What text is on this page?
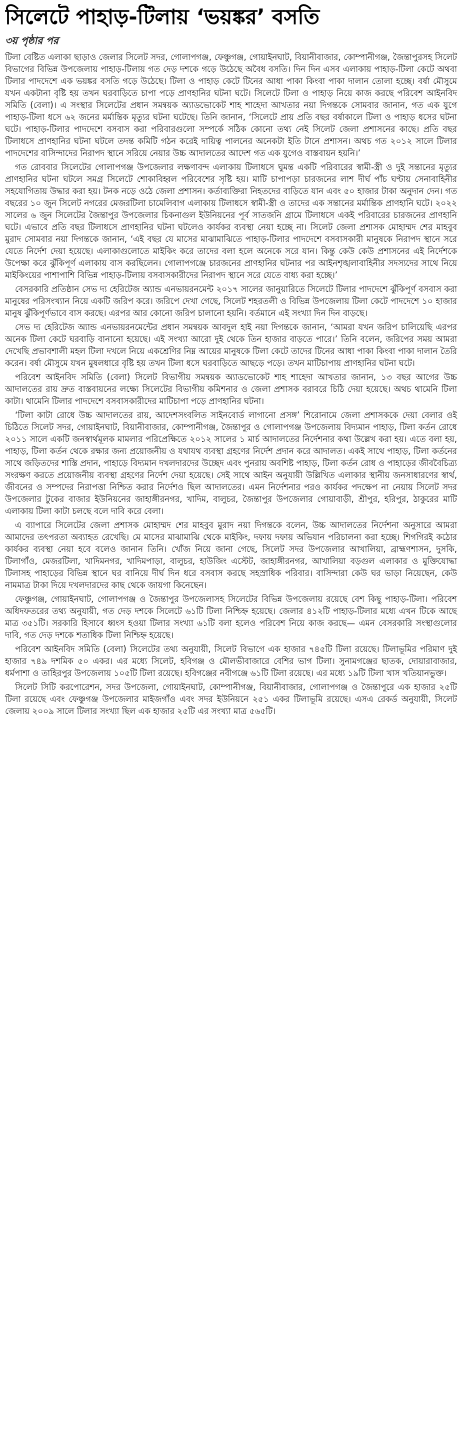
সিলেটে পাহাড়-টিলায় ‘ভয়ঙ্কর’ বসতি
৩য় পৃষ্ঠার পর

টিলা বেষ্টিত এলাকা ছাড়াও জেলার সিলেট সদর, গোলাপগঞ্জ, ফেঞ্চুগঞ্জ, গোয়াইনঘাট, বিয়ানীবাজার, কোম্পানীগঞ্জ, জৈন্তাপুরসহ সিলেট বিভাগের বিভিন্ন উপজেলায় পাহাড়-টিলায় গত দেড় দশকে গড়ে উঠেছে অবৈধ বসতি। দিন দিন এসব এলাকায় পাহাড়-টিলা কেটে অথবা টিলার পাদদেশে এক ভয়ঙ্কর বসতি গড়ে উঠেছে। টিলা ও পাহাড় কেটে টিনের আধা পাকা কিংবা পাকা দালান তোলা হচ্ছে। বর্ষা মৌসুমে যখন একটানা বৃষ্টি হয় তখন ঘরবাড়িতে চাপা পড়ে প্রাণহানির ঘটনা ঘটে। সিলেটে টিলা ও পাহাড় নিয়ে কাজ করছে পরিবেশ আইনবিদ সমিতি (বেলা)। এ সংস্থার সিলেটের প্রধান সমন্বয়ক অ্যাডভোকেট শাহ শাহেদা আখতার নয়া দিগন্তকে সোমবার জানান, গত এক যুগে পাহাড়-টিলা ধসে ৬২ জনের মর্মান্তিক মৃত্যুর ঘটনা ঘটেছে। তিনি জানান, ‘সিলেটে প্রায় প্রতি বছর বর্ষাকালে টিলা ও পাহাড় ধসের ঘটনা ঘটে। পাহাড়-টিলার পাদদেশে বসবাস করা পরিবারগুলো সম্পর্কে সঠিক কোনো তথ্য নেই সিলেট জেলা প্রশাসনের কাছে। প্রতি বছর টিলাধসে প্রাণহানির ঘটনা ঘটলে তদন্ত কমিটি গঠন করেই দায়িত্ব পালনের অনেকটা ইতি টানে প্রশাসন। অথচ গত ২০১২ সালে টিলার পাদদেশের বাসিন্দাদের নিরাপদ স্থানে সরিয়ে নেয়ার উচ্চ আদালতের আদেশ গত এক যুগেও বাস্তবায়ন হয়নি।’

গত রোববার সিলেটের গোলাপগঞ্জ উপজেলার লক্ষণাবন্দ এলাকায় টিলাধসে ঘুমন্ত একটি পরিবারের স্বামী-স্ত্রী ও দুই সন্তানের মৃত্যুর প্রাণহানির ঘটনা ঘটলে সমগ্র সিলেটে শোকাবিহ্বল পরিবেশের সৃষ্টি হয়। মাটি চাপাপড়া চারজনের লাশ দীর্ঘ পাঁচ ঘণ্টায় সেনাবাহিনীর সহযোগিতায় উদ্ধার করা হয়। টনক নড়ে ওঠে জেলা প্রশাসন। কর্তাব্যক্তিরা নিহতদের বাড়িতে যান এবং ৫০ হাজার টাকা অনুদান দেন। গত বছরের ১০ জুন সিলেট নগরের মেজরটিলা চামেলিবাগ এলাকায় টিলাধসে স্বামী-স্ত্রী ও তাদের এক সন্তানের মর্মান্তিক প্রাণহানি ঘটে। ২০২২ সালের ৬ জুন সিলেটের জৈন্তাপুর উপজেলার চিকনাগুল ইউনিয়নের পূর্ব সাতজনি গ্রামে টিলাধসে একই পরিবারের চারজনের প্রাণহানি ঘটে। এভাবে প্রতি বছর টিলাধসে প্রাণহানির ঘটনা ঘটলেও কার্যকর ব্যবস্থা নেয়া হচ্ছে না। সিলেট জেলা প্রশাসক মোহাম্মদ শের মাহবুব মুরাদ সোমবার নয়া দিগন্তকে জানান, ‘এই বছর যে মাসের মাঝামাঝিতে পাহাড়-টিলার পাদদেশে বসবাসকারী মানুষকে নিরাপদ স্থানে সরে যেতে নির্দেশ দেয়া হয়েছে। এলাকাগুলোতে মাইকিং করে তাদের বলা হলে অনেকে সরে যান। কিন্তু কেউ কেউ প্রশাসনের এই নির্দেশকে উপেক্ষা করে ঝুঁকিপূর্ণ এলাকায় বাস করছিলেন। গোলাপগঞ্জে চারজনের প্রাণহানির ঘটনার পর আইনশৃঙ্খলাবাহিনীর সদস্যদের সাথে নিয়ে মাইকিংয়ের পাশাপাশি বিভিন্ন পাহাড়-টিলায় বসবাসকারীদের নিরাপদ স্থানে সরে যেতে বাধ্য করা হচ্ছে।’

বেসরকারি প্রতিষ্ঠান সেভ দ্য হেরিটেজ অ্যান্ড এনভায়রনমেন্ট ২০১৭ সালের জানুয়ারিতে সিলেটে টিলার পাদদেশে ঝুঁকিপূর্ণ বসবাস করা মানুষের পরিসংখ্যান নিয়ে একটি জরিপ করে। জরিপে দেখা গেছে, সিলেট শহরতলী ও বিভিন্ন উপজেলায় টিলা কেটে পাদদেশে ১০ হাজার মানুষ ঝুঁকিপূর্ণভাবে বাস করছে। এরপর আর কোনো জরিপ চালানো হয়নি। বর্তমানে এই সংখ্যা দিন দিন বাড়ছে।

সেভ দ্য হেরিটেজ অ্যান্ড এনভায়রনমেন্টের প্রধান সমন্বয়ক আবদুল হাই নয়া দিগন্তকে জানান, ‘আমরা যখন জরিপ চালিয়েছি এরপর অনেক টিলা কেটে ঘরবাড়ি বানানো হয়েছে। এই সংখ্যা আরো দুই থেকে তিন হাজার বাড়তে পারে।’ তিনি বলেন, জরিপের সময় আমরা দেখেছি প্রভাবশালী মহল টিলা দখলে নিয়ে একশ্রেণির নিম্ন আয়ের মানুষকে টিলা কেটে তাদের টিনের আধা পাকা কিংবা পাকা দালান তৈরি করেন। বর্ষা মৌসুমে যখন মুষলধারে বৃষ্টি হয় তখন টিলা ধসে ঘরবাড়িতে আছড়ে পড়ে। তখন মাটিচাপায় প্রাণহানির ঘটনা ঘটে।

পরিবেশ আইনবিদ সমিতি (বেলা) সিলেট বিভাগীয় সমন্বয়ক অ্যাডভোকেট শাহ শাহেদা আখতার জানান, ১৩ বছর আগের উচ্চ আদালতের রায় দ্রুত বাস্তবায়নের লক্ষ্যে সিলেটের বিভাগীয় কমিশনার ও জেলা প্রশাসক বরাবরে চিঠি দেয়া হয়েছে। অথচ থামেনি টিলা কাটা। থামেনি টিলার পাদদেশে বসবাসকারীদের মাটিচাপা পড়ে প্রাণহানির ঘটনা।

‘টিলা কাটা রোধে উচ্চ আদালতের রায়, আদেশসংবলিত সাইনবোর্ড লাগানো প্রসঙ্গ’ শিরোনামে জেলা প্রশাসককে দেয়া বেলার ওই চিঠিতে সিলেট সদর, গোয়াইনঘাট, বিয়ানীবাজার, কোম্পানীগঞ্জ, জৈন্তাপুর ও গোলাপগঞ্জ উপজেলায় বিদ্যমান পাহাড়, টিলা কর্তন রোধে ২০১১ সালে একটি জনস্বার্থমূলক মামলার পরিপ্রেক্ষিতে ২০১২ সালের ১ মার্চ আদালতের নির্দেশনার কথা উল্লেখ করা হয়। এতে বলা হয়, পাহাড়, টিলা কর্তন থেকে রক্ষার জন্য প্রয়োজনীয় ও যথাযথ ব্যবস্থা গ্রহণের নির্দেশ প্রদান করে আদালত। একই সাথে পাহাড়, টিলা কর্তনের সাথে জড়িতদের শাস্তি প্রদান, পাহাড়ে বিদ্যমান দখলদারদের উচ্ছেদ এবং পুনরায় অবশিষ্ট পাহাড়, টিলা কর্তন রোধ ও পাহাড়ের জীববৈচিত্র্য সংরক্ষণ করতে প্রয়োজনীয় ব্যবস্থা গ্রহণের নির্দেশ দেয়া হয়েছে। সেই সাথে আইন অনুযায়ী উল্লিখিত এলাকার স্থানীয় জনসাধারণের স্বার্থ, জীবনের ও সম্পদের নিরাপত্তা নিশ্চিত করার নির্দেশও ছিল আদালতের। এমন নির্দেশনার পরও কার্যকর পদক্ষেপ না নেয়ায় সিলেট সদর উপজেলার টুকের বাজার ইউনিয়নের জাহাঙ্গীরনগর, খাদিম, বালুচর, জৈন্তাপুর উপজেলার গোয়াবাড়ী, শ্রীপুর, হরিপুর, ঠাকুরের মাটি এলাকায় টিলা কাটা চলছে বলে দাবি করে বেলা।

এ ব্যাপারে সিলেটের জেলা প্রশাসক মোহাম্মদ শের মাহবুব মুরাদ নয়া দিগন্তকে বলেন, উচ্চ আদালতের নির্দেশনা অনুসারে আমরা আমাদের তৎপরতা অব্যাহত রেখেছি। মে মাসের মাঝামাঝি থেকে মাইকিং, দফায় দফায় অভিযান পরিচালনা করা হচ্ছে। শিগগিরই কঠোর কার্যকর ব্যবস্থা নেয়া হবে বলেও জানান তিনি। খোঁজ নিয়ে জানা গেছে, সিলেট সদর উপজেলার আখালিয়া, ব্রাহ্মণশাসন, দুসকি, টিলাগাঁও, মেজরটিলা, খাদিমনগর, খাদিমপাড়া, বালুচর, হাউজিং এস্টেট, জাহাঙ্গীরনগর, আখালিয়া বড়গুল এলাকার ও মুক্তিযোদ্ধা টিলাসহ পাহাড়ের বিভিন্ন স্থানে ঘর বানিয়ে দীর্ঘ দিন ধরে বসবাস করছে সহস্রাধিক পরিবার। বাসিন্দারা কেউ ঘর ভাড়া নিয়েছেন, কেউ নামমাত্র টাকা দিয়ে দখলদারদের কাছ থেকে জায়গা কিনেছেন।

ফেঞ্চুগঞ্জ, গোয়াইনঘাট, গোলাপগঞ্জ ও জৈন্তাপুর উপজেলাসহ সিলেটের বিভিন্ন উপজেলায় রয়েছে বেশ কিছু পাহাড়-টিলা। পরিবেশ অধিদফতরের তথ্য অনুযায়ী, গত দেড় দশকে সিলেটে ৬১টি টিলা নিশ্চিহ্ন হয়েছে। জেলার ৪১২টি পাহাড়-টিলার মধ্যে এখন টিকে আছে মাত্র ৩৫১টি। সরকারি হিসাবে ধ্বংস হওয়া টিলার সংখ্যা ৬১টি বলা হলেও পরিবেশ নিয়ে কাজ করছে— এমন বেসরকারি সংস্থাগুলোর দাবি, গত দেড় দশকে শতাধিক টিলা নিশ্চিহ্ন হয়েছে।

পরিবেশ আইনবিদ সমিতি (বেলা) সিলেটের তথ্য অনুযায়ী, সিলেট বিভাগে এক হাজার ৭৪৫টি টিলা রয়েছে। টিলাভূমির পরিমাণ দুই হাজার ৭৪৯ দশমিক ৫০ একর। এর মধ্যে সিলেট, হবিগঞ্জ ও মৌলভীবাজারে বেশির ভাগ টিলা। সুনামগঞ্জের ছাতক, দোয়ারাবাজার, ধর্মপাশা ও তাহিরপুর উপজেলায় ১০৫টি টিলা রয়েছে। হবিগঞ্জের নবীগঞ্জে ৬১টি টিলা রয়েছে। এর মধ্যে ১৯টি টিলা খাস খতিয়ানভুক্ত।

সিলেট সিটি করপোরেশন, সদর উপজেলা, গোয়াইনঘাট, কোম্পানীগঞ্জ, বিয়ানীবাজার, গোলাপগঞ্জ ও জৈন্তাপুরে এক হাজার ২৫টি টিলা রয়েছে এবং ফেঞ্চুগঞ্জ উপজেলার মাইজগাঁও এবং সদর ইউনিয়নে ২৫১ একর টিলাভূমি রয়েছে। এসএ রেকর্ড অনুযায়ী, সিলেট জেলায় ২০০৯ সালে টিলার সংখ্যা ছিল এক হাজার ২৫টি এর সংখ্যা মাত্র ৫৬৫টি।
